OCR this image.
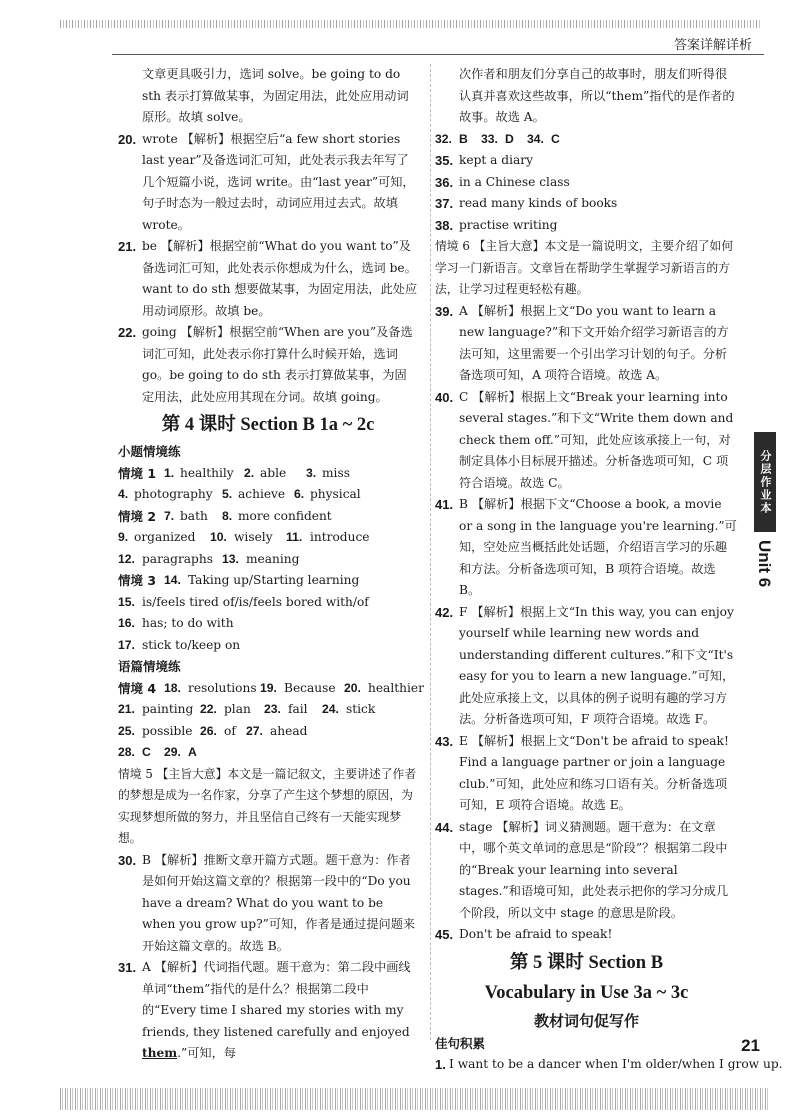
答案详解详析
分层作业本
Unit 6
文章更具吸引力，选词 solve。be going to do sth 表示打算做某事，为固定用法，此处应用动词原形。故填 solve。
20. wrote 【解析】根据空后“a few short stories last year”及备选词汇可知，此处表示我去年写了几个短篇小说，选词 write。由“last year”可知，句子时态为一般过去时，动词应用过去式。故填 wrote。
21. be 【解析】根据空前“What do you want to”及备选词汇可知，此处表示你想成为什么，选词 be。want to do sth 想要做某事，为固定用法，此处应用动词原形。故填 be。
22. going 【解析】根据空前“When are you”及备选词汇可知，此处表示你打算什么时候开始，选词 go。be going to do sth 表示打算做某事，为固定用法，此处应用其现在分词。故填 going。
第 4 课时 Section B 1a ~ 2c
小题情境练
情境 1 1. healthily 2. able 3. miss
4. photography 5. achieve 6. physical
情境 2 7. bath 8. more confident
9. organized 10. wisely 11. introduce
12. paragraphs 13. meaning
情境 3 14. Taking up/Starting learning
15. is/feels tired of/is/feels bored with/of
16. has; to do with
17. stick to/keep on
语篇情境练
情境 4 18. resolutions 19. Because 20. healthier
21. painting 22. plan 23. fail 24. stick
25. possible 26. of 27. ahead
28. C 29. A
情境 5 【主旨大意】本文是一篇记叙文，主要讲述了作者的梦想是成为一名作家，分享了产生这个梦想的原因，为实现梦想所做的努力，并且坚信自己终有一天能实现梦想。
30. B 【解析】推断文章开篇方式题。题干意为：作者是如何开始这篇文章的？根据第一段中的“Do you have a dream? What do you want to be when you grow up?”可知，作者是通过提问题来开始这篇文章的。故选 B。
31. A 【解析】代词指代题。题干意为：第二段中画线单词“them”指代的是什么？根据第二段中的“Every time I shared my stories with my friends, they listened carefully and enjoyed them.”可知，每
次作者和朋友们分享自己的故事时，朋友们听得很认真并喜欢这些故事，所以“them”指代的是作者的故事。故选 A。
32. B 33. D 34. C
35. kept a diary
36. in a Chinese class
37. read many kinds of books
38. practise writing
情境 6 【主旨大意】本文是一篇说明文，主要介绍了如何学习一门新语言。文章旨在帮助学生掌握学习新语言的方法，让学习过程更轻松有趣。
39. A 【解析】根据上文“Do you want to learn a new language?”和下文开始介绍学习新语言的方法可知，这里需要一个引出学习计划的句子。分析备选项可知，A 项符合语境。故选 A。
40. C 【解析】根据上文“Break your learning into several stages.”和下文“Write them down and check them off.”可知，此处应该承接上一句，对制定具体小目标展开描述。分析备选项可知，C 项符合语境。故选 C。
41. B 【解析】根据下文“Choose a book, a movie or a song in the language you're learning.”可知，空处应当概括此处话题，介绍语言学习的乐趣和方法。分析备选项可知，B 项符合语境。故选 B。
42. F 【解析】根据上文“In this way, you can enjoy yourself while learning new words and understanding different cultures.”和下文“It's easy for you to learn a new language.”可知，此处应承接上文，以具体的例子说明有趣的学习方法。分析备选项可知，F 项符合语境。故选 F。
43. E 【解析】根据上文“Don't be afraid to speak! Find a language partner or join a language club.”可知，此处应和练习口语有关。分析备选项可知，E 项符合语境。故选 E。
44. stage 【解析】词义猜测题。题干意为：在文章中，哪个英文单词的意思是“阶段”？根据第二段中的“Break your learning into several stages.”和语境可知，此处表示把你的学习分成几个阶段，所以文中 stage 的意思是阶段。
45. Don't be afraid to speak!
第 5 课时 Section B
Vocabulary in Use 3a ~ 3c
教材词句促写作
佳句积累
1. I want to be a dancer when I'm older/when I grow up.
21
